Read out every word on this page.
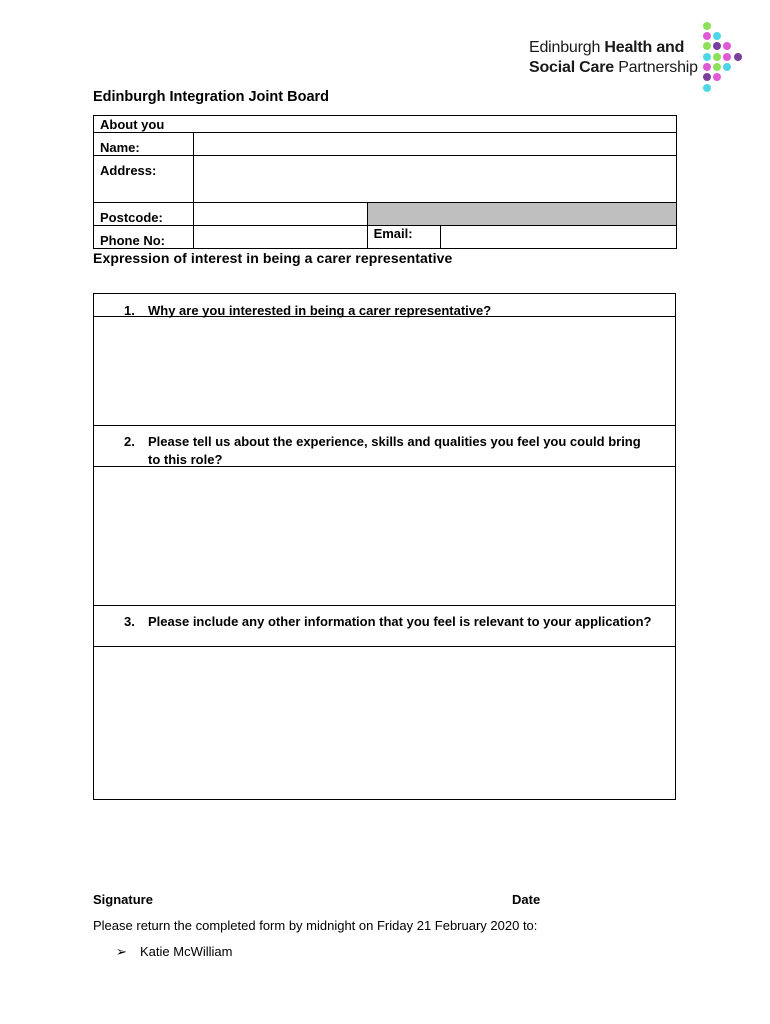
Edinburgh Health and
Social Care Partnership
Edinburgh Integration Joint Board
About you			
Name:			
Address:			
Postcode:			
Phone No:		Email:	
Expression of interest in being a carer representative
1.	Why are you interested in being a carer representative?
2.	Please tell us about the experience, skills and qualities you feel you could bring to this role?
3.	Please include any other information that you feel is relevant to your application?
Signature	Date
Please return the completed form by midnight on Friday 21 February 2020 to:
➢ Katie McWilliam
